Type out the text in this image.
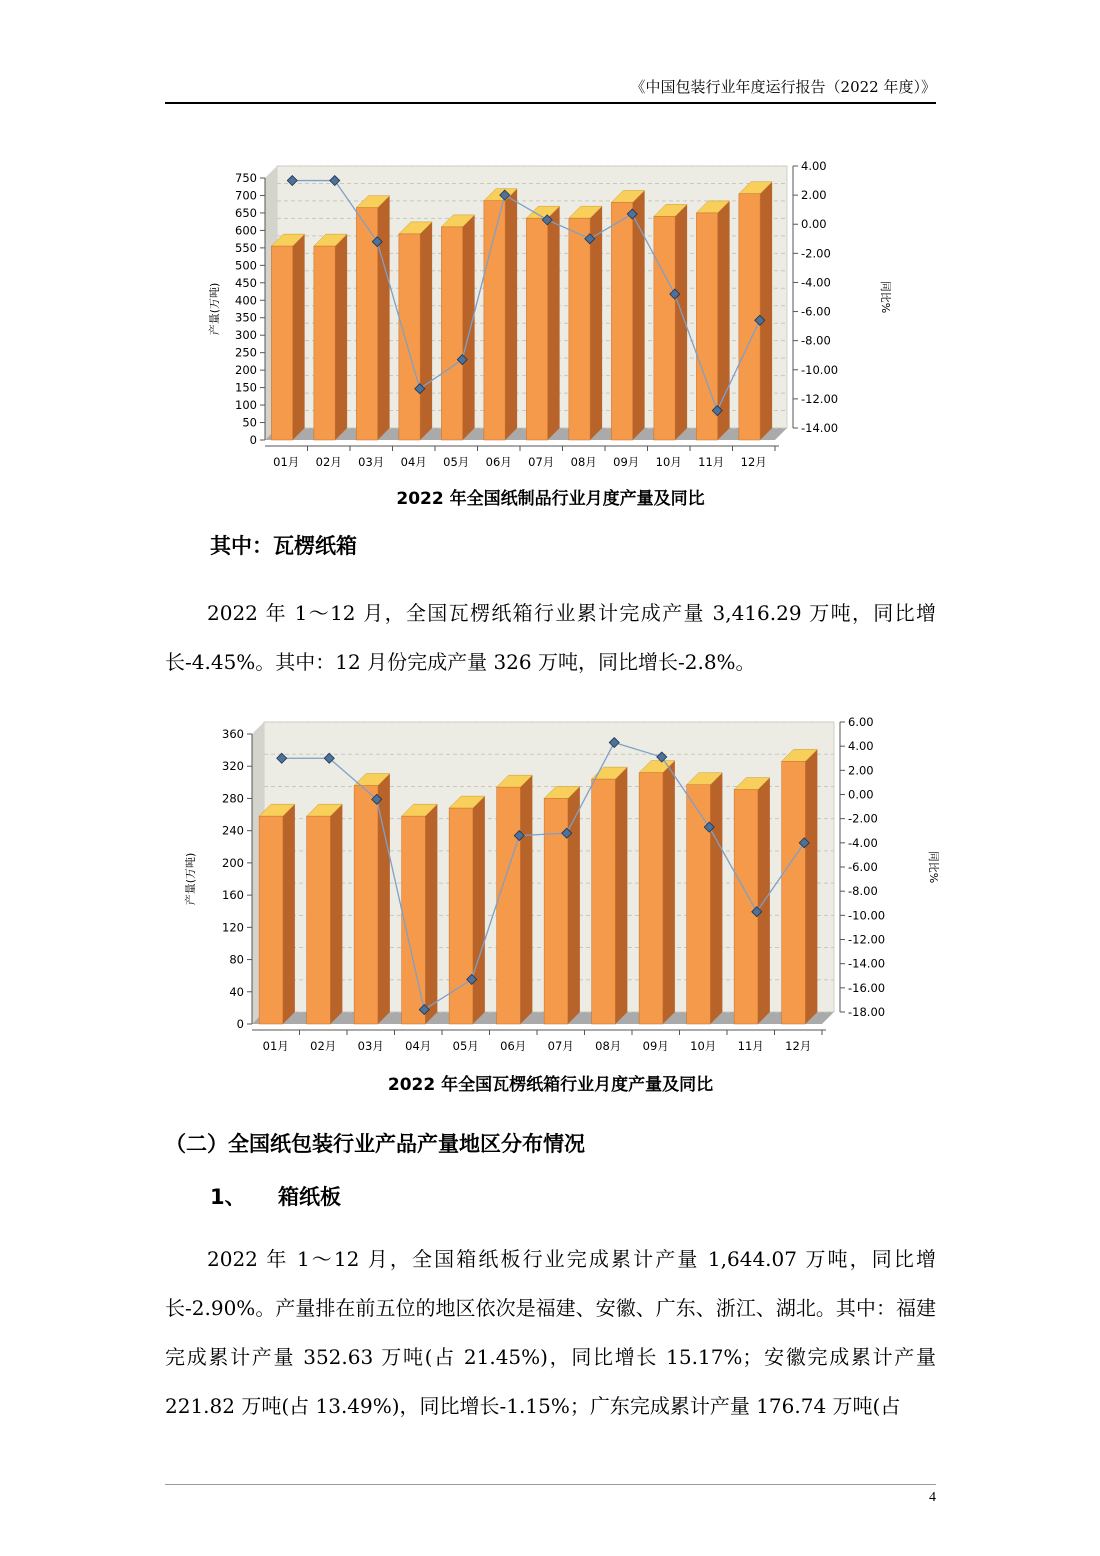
《中国包装行业年度运行报告（2022 年度）》
0
50
100
150
200
250
300
350
400
450
500
550
600
650
700
750
4.00
2.00
0.00
-2.00
-4.00
-6.00
-8.00
-10.00
-12.00
-14.00
产量(万吨)	同比%
01月 02月 03月 04月 05月 06月 07月 08月 09月 10月 11月 12月
2022 年全国纸制品行业月度产量及同比
其中：瓦楞纸箱

2022 年 1～12 月，全国瓦楞纸箱行业累计完成产量 3,416.29 万吨，同比增长-4.45%。其中：12 月份完成产量 326 万吨，同比增长-2.8%。

0
40
80
120
160
200
240
280
320
360
6.00
4.00
2.00
0.00
-2.00
-4.00
-6.00
-8.00
-10.00
-12.00
-14.00
-16.00
-18.00
产量(万吨)	同比%
01月 02月 03月 04月 05月 06月 07月 08月 09月 10月 11月 12月
2022 年全国瓦楞纸箱行业月度产量及同比
（二）全国纸包装行业产品产量地区分布情况
1、 箱纸板

2022 年 1～12 月，全国箱纸板行业完成累计产量 1,644.07 万吨，同比增长-2.90%。产量排在前五位的地区依次是福建、安徽、广东、浙江、湖北。其中：福建完成累计产量 352.63 万吨(占 21.45%)，同比增长 15.17%；安徽完成累计产量 221.82 万吨(占 13.49%)，同比增长-1.15%；广东完成累计产量 176.74 万吨(占

4
